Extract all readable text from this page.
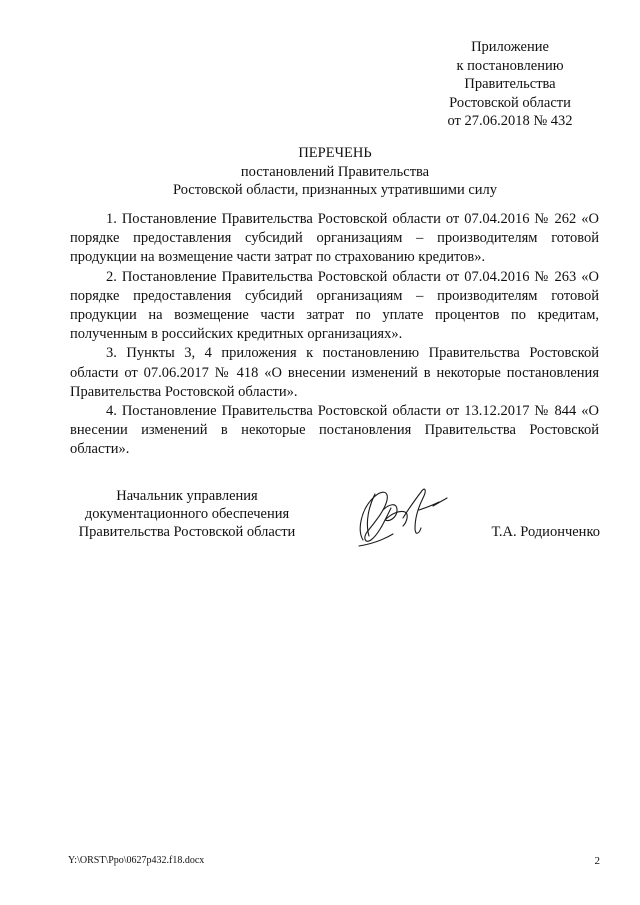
Приложение
к постановлению
Правительства
Ростовской области
от 27.06.2018 № 432
ПЕРЕЧЕНЬ
постановлений Правительства
Ростовской области, признанных утратившими силу

1. Постановление Правительства Ростовской области от 07.04.2016 № 262 «О порядке предоставления субсидий организациям – производителям готовой продукции на возмещение части затрат по страхованию кредитов».

2. Постановление Правительства Ростовской области от 07.04.2016 № 263 «О порядке предоставления субсидий организациям – производителям готовой продукции на возмещение части затрат по уплате процентов по кредитам, полученным в российских кредитных организациях».

3. Пункты 3, 4 приложения к постановлению Правительства Ростовской области от 07.06.2017 № 418 «О внесении изменений в некоторые постановления Правительства Ростовской области».

4. Постановление Правительства Ростовской области от 13.12.2017 № 844 «О внесении изменений в некоторые постановления Правительства Ростовской области».

Начальник управления
документационного обеспечения
Правительства Ростовской области	Т.А. Родионченко
Y:\ORST\Ppo\0627p432.f18.docx	2
